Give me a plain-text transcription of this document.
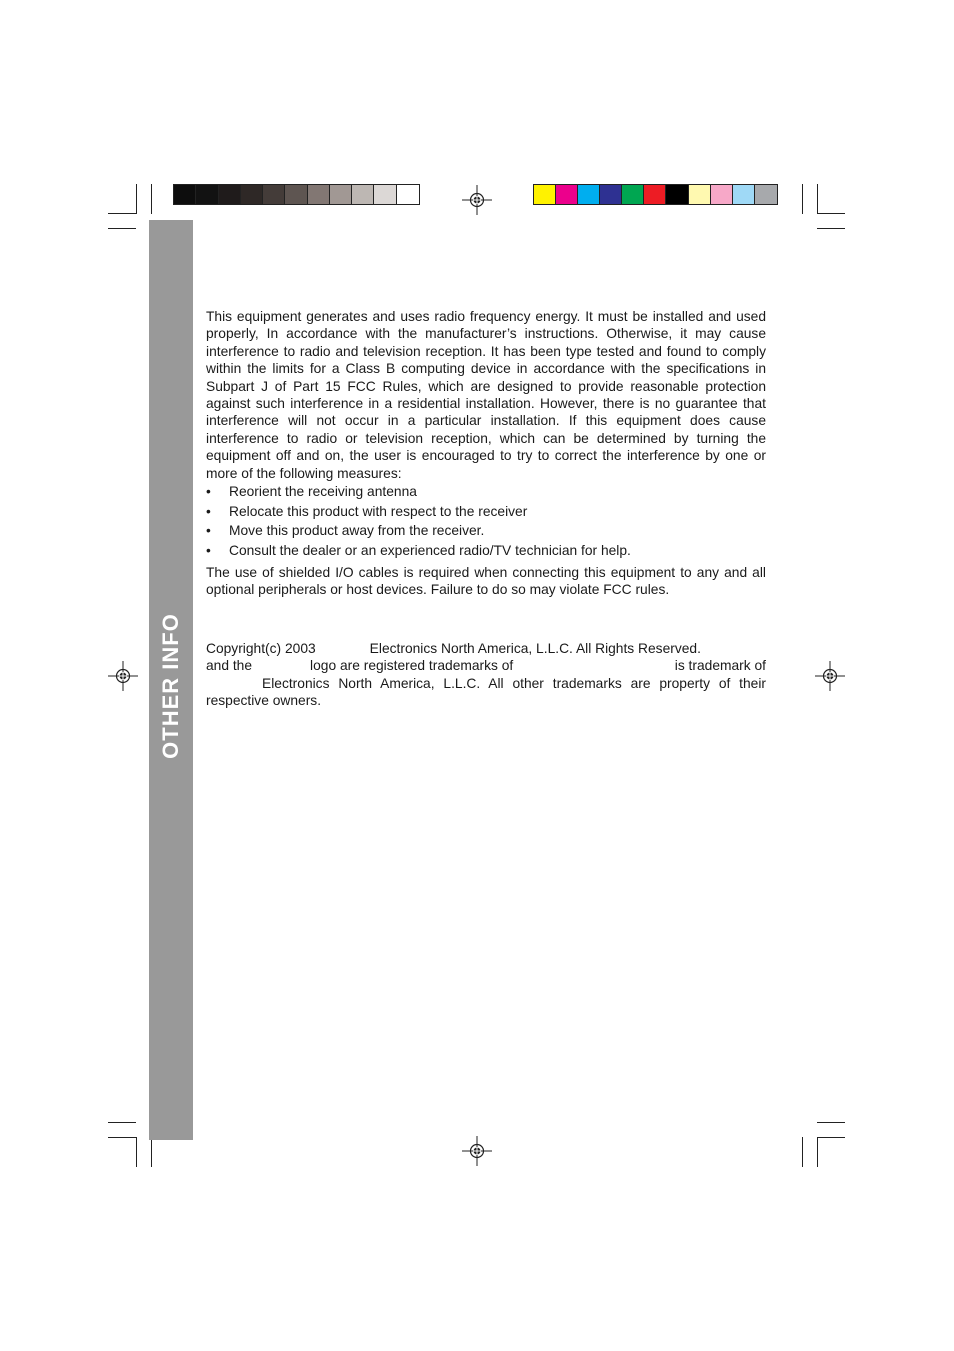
OTHER INFO

This equipment generates and uses radio frequency energy. It must be installed and used properly, In accordance with the manufacturer’s instructions. Otherwise, it may cause interference to radio and television reception. It has been type tested and found to comply within the limits for a Class B computing device in accordance with the specifications in Subpart J of Part 15 FCC Rules, which are designed to provide reasonable protection against such interference in a residential installation. However, there is no guarantee that interference will not occur in a particular installation. If this equipment does cause interference to radio or television reception, which can be determined by turning the equipment off and on, the user is encouraged to try to correct the interference by one or more of the following measures:

• Reorient the receiving antenna
• Relocate this product with respect to the receiver
• Move this product away from the receiver.
• Consult the dealer or an experienced radio/TV technician for help.

The use of shielded I/O cables is required when connecting this equipment to any and all optional peripherals or host devices. Failure to do so may violate FCC rules.

Copyright(c) 2003	Electronics North America, L.L.C. All Rights Reserved.
and the	logo are registered trademarks of	is trademark of
Electronics North America, L.L.C. All other trademarks are property of their respective owners.
